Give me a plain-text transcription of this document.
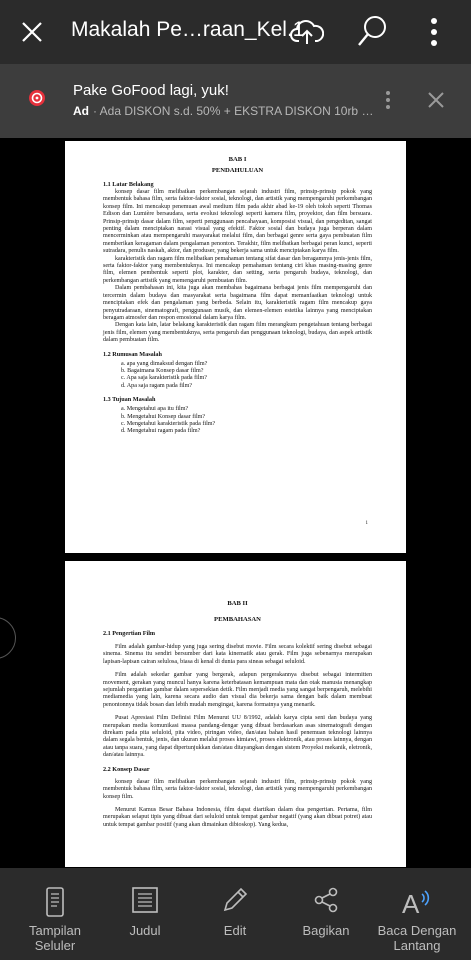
Makalah Pe…raan_Kel.1
Pake GoFood lagi, yuk!
Ad · Ada DISKON s.d. 50% + EKSTRA DISKON 10rb …
BAB I
PENDAHULUAN
1.1 Latar Belakang

konsep dasar film melibatkan perkembangan sejarah industri film, prinsip-prinsip pokok yang membentuk bahasa film, serta faktor-faktor sosial, teknologi, dan artistik yang mempengaruhi perkembangan konsep film. Ini mencakup penemuan awal medium film pada akhir abad ke-19 oleh tokoh seperti Thomas Edison dan Lumière bersaudara, serta evolusi teknologi seperti kamera film, proyektor, dan film bersuara. Prinsip-prinsip dasar dalam film, seperti penggunaan pencahayaan, komposisi visual, dan pengeditan, sangat penting dalam menciptakan narasi visual yang efektif. Faktor sosial dan budaya juga berperan dalam mencerminkan atau mempengaruhi masyarakat melalui film, dan berbagai genre serta gaya pembuatan film memberikan keragaman dalam pengalaman penonton. Terakhir, film melibatkan berbagai peran kunci, seperti sutradara, penulis naskah, aktor, dan produser, yang bekerja sama untuk menciptakan karya film.

karakteristik dan ragam film melibatkan pemahaman tentang sifat dasar dan beragamnya jenis-jenis film, serta faktor-faktor yang membentuknya. Ini mencakup pemahaman tentang ciri khas masing-masing genre film, elemen pembentuk seperti plot, karakter, dan setting, serta pengaruh budaya, teknologi, dan perkembangan artistik yang memengaruhi pembuatan film.

Dalam pembahasan ini, kita juga akan membahas bagaimana berbagai jenis film mempengaruhi dan tercermin dalam budaya dan masyarakat serta bagaimana film dapat memanfaatkan teknologi untuk menciptakan efek dan pengalaman yang berbeda. Selain itu, karakteristik ragam film mencakup gaya penyutradaraan, sinematografi, penggunaan musik, dan elemen-elemen estetika lainnya yang menciptakan beragam atmosfer dan respon emosional dalam karya film.

Dengan kata lain, latar belakang karakteristik dan ragam film merangkum pengetahuan tentang berbagai jenis film, elemen yang membentuknya, serta pengaruh dan penggunaan teknologi, budaya, dan aspek artistik dalam pembuatan film.

1.2 Rumusan Masalah
a. apa yang dimaksud dengan film?
b. Bagaimana Konsep dasar film?
c. Apa saja karakteristik pada film?
d. Apa saja ragam pada film?
1.3 Tujuan Masalah
a. Mengetahui apa itu film?
b. Mengetahui Konsep dasar film?
c. Mengetahui karakteristik pada film?
d. Mengetahui ragam pada film?
1
BAB II
PEMBAHASAN
2.1 Pengertian Film

Film adalah gambar-hidup yang juga sering disebut movie. Film secara kolektif sering disebut sebagai sinema. Sinema itu sendiri bersumber dari kata kinematik atau gerak. Film juga sebenarnya merupakan lapisan-lapisan cairan selulosa, biasa di kenal di dunia para sineas sebagai seluloid.

Film adalah sekedar gambar yang bergerak, adapun pergerakannya disebut sebagai intermitten movement, gerakan yang muncul hanya karena keterbatasan kemampuan mata dan otak manusia menangkap sejumlah pergantian gambar dalam sepersekian detik. Film menjadi media yang sangat berpengaruh, melebihi mediamedia yang lain, karena secara audio dan visual dia bekerja sama dengan baik dalam membuat penontonnya tidak bosan dan lebih mudah mengingat, karena formatnya yang menarik.

Pusat Apresiasi Film Definisi Film Menurut UU 8/1992, adalah karya cipta seni dan budaya yang merupakan media komunikasi massa pandang-dengar yang dibuat berdasarkan asas sinematografi dengan direkam pada pita seluloid, pita video, piringan video, dan/atau bahan hasil penemuan teknologi lainnya dalam segala bentuk, jenis, dan ukuran melalui proses kimiawi, proses elektronik, atau proses lainnya, dengan atau tanpa suara, yang dapat dipertunjukkan dan/atau ditayangkan dengan sistem Proyeksi mekanik, eletronik, dan/atau lainnya.

2.2 Konsep Dasar

konsep dasar film melibatkan perkembangan sejarah industri film, prinsip-prinsip pokok yang membentuk bahasa film, serta faktor-faktor sosial, teknologi, dan artistik yang mempengaruhi perkembangan konsep film.

Menurut Kamus Besar Bahasa Indonesia, film dapat diartikan dalam dua pengertian. Pertama, film merupakan selaput tipis yang dibuat dari seluloid untuk tempat gambar negatif (yang akan dibuat potret) atau untuk tempat gambar positif (yang akan dimainkan dibioskop). Yang kedua,

Tampilan Seluler
Judul	Edit	Bagikan
A
Baca Dengan Lantang
